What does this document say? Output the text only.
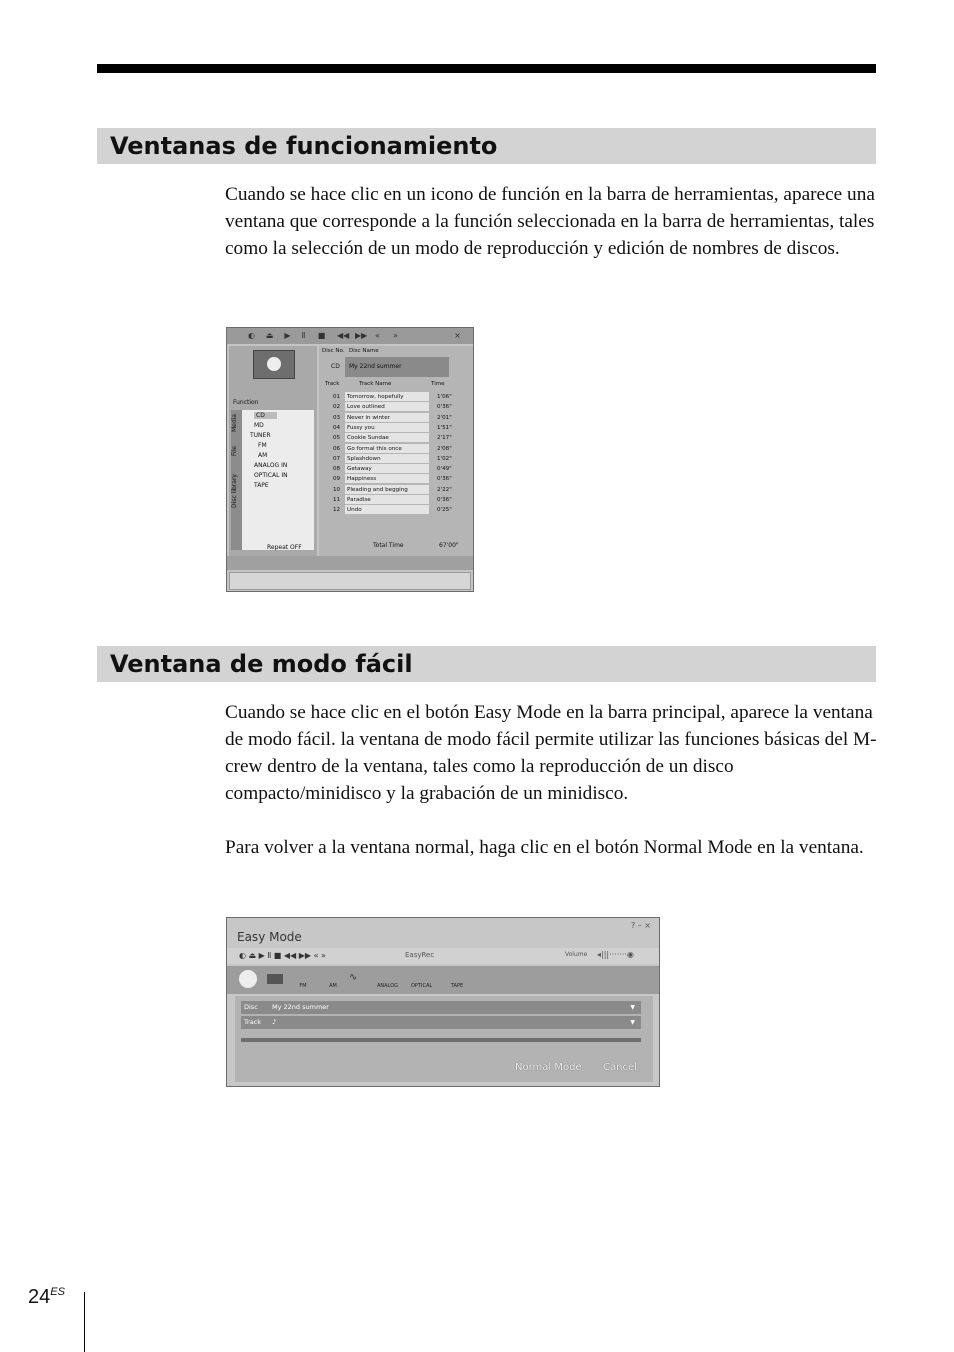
Ventanas de funcionamiento

Cuando se hace clic en un icono de función en la barra de herramientas, aparece una ventana que corresponde a la función seleccionada en la barra de herramientas, tales como la selección de un modo de reproducción y edición de nombres de discos.

◐ ⏏ ▶	Ⅱ	■ ◀◀ ▶▶ « »	×
Function
Media
File
Disc library
CD
MD
TUNER
FM
AM
ANALOG IN
OPTICAL IN
TAPE
Repeat OFF
Disc No. Disc Name
CD My 22nd summer
Track	Track Name	Time
01	Tomorrow, hopefully	1'06"
02	Love outlined	0'36"
03	Never in winter	2'01"
04	Fussy you	1'51"
05	Cookie Sundae	2'17"
06	Go formal this once	2'08"
07	Splashdown	1'02"
08	Getaway	0'49"
09	Happiness	0'36"
10	Pleading and begging	2'22"
11	Paradise	0'36"
12	Undo	0'25"
Total Time	67'00"
Ventana de modo fácil

Cuando se hace clic en el botón Easy Mode en la barra principal, aparece la ventana de modo fácil. la ventana de modo fácil permite utilizar las funciones básicas del M-crew dentro de la ventana, tales como la reproducción de un disco compacto/minidisco y la grabación de un minidisco.

Para volver a la ventana normal, haga clic en el botón Normal Mode en la ventana.

Easy Mode
? – ×
◐ ⏏ ▶ Ⅱ ■ ◀◀ ▶▶ « »	EasyRec	Volume ◂|||·······◉
FM	AM
∿
ANALOG	OPTICAL	TAPE
Disc My 22nd summer	▼
Track ♪	▼
Normal Mode Cancel
$24^{ES}$
